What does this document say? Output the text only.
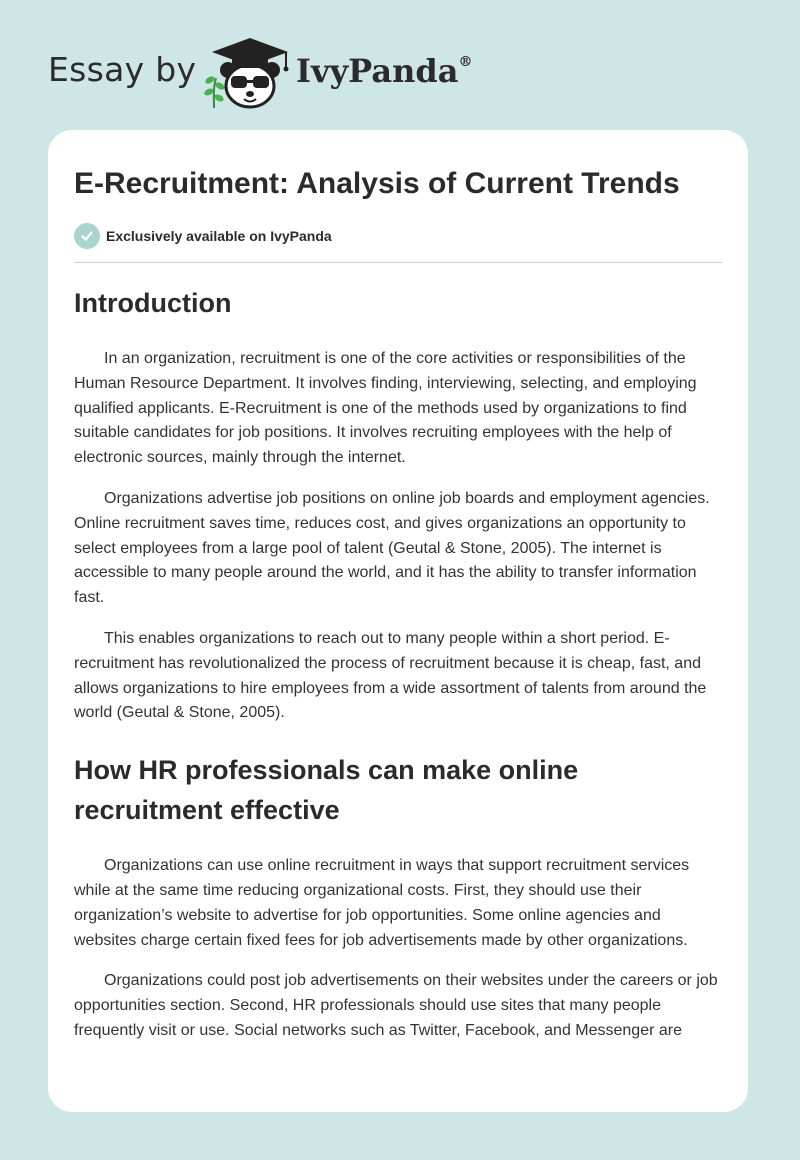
Essay by	IvyPanda®
E-Recruitment: Analysis of Current Trends
Exclusively available on IvyPanda
Introduction

In an organization, recruitment is one of the core activities or responsibilities of the Human Resource Department. It involves finding, interviewing, selecting, and employing qualified applicants. E-Recruitment is one of the methods used by organizations to find suitable candidates for job positions. It involves recruiting employees with the help of electronic sources, mainly through the internet.

Organizations advertise job positions on online job boards and employment agencies. Online recruitment saves time, reduces cost, and gives organizations an opportunity to select employees from a large pool of talent (Geutal & Stone, 2005). The internet is accessible to many people around the world, and it has the ability to transfer information fast.

This enables organizations to reach out to many people within a short period. E-recruitment has revolutionalized the process of recruitment because it is cheap, fast, and allows organizations to hire employees from a wide assortment of talents from around the world (Geutal & Stone, 2005).

How HR professionals can make online recruitment effective

Organizations can use online recruitment in ways that support recruitment services while at the same time reducing organizational costs. First, they should use their organization’s website to advertise for job opportunities. Some online agencies and websites charge certain fixed fees for job advertisements made by other organizations.

Organizations could post job advertisements on their websites under the careers or job opportunities section. Second, HR professionals should use sites that many people frequently visit or use. Social networks such as Twitter, Facebook, and Messenger are
